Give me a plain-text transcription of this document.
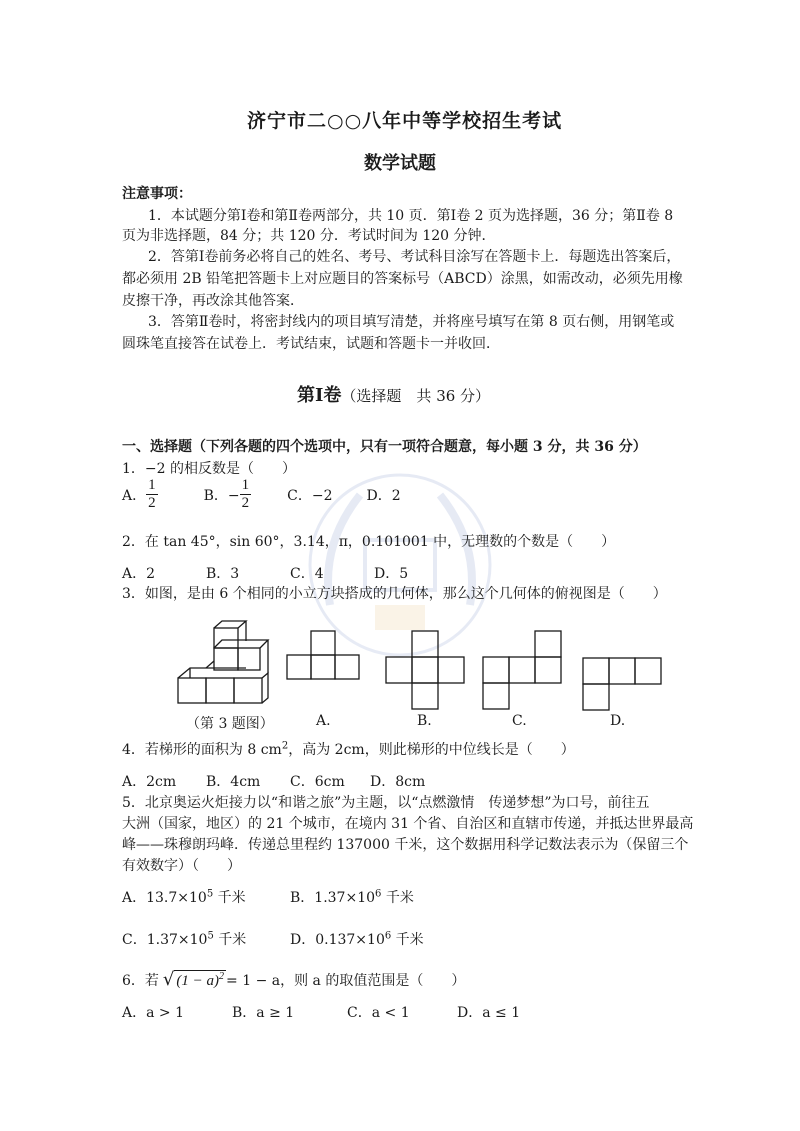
济宁市二○○八年中等学校招生考试
数学试题
注意事项：
1．本试题分第Ⅰ卷和第Ⅱ卷两部分，共 10 页．第Ⅰ卷 2 页为选择题，36 分；第Ⅱ卷 8
页为非选择题，84 分；共 120 分．考试时间为 120 分钟．
2．答第Ⅰ卷前务必将自己的姓名、考号、考试科目涂写在答题卡上．每题选出答案后，
都必须用 2B 铅笔把答题卡上对应题目的答案标号（ABCD）涂黑，如需改动，必须先用橡
皮擦干净，再改涂其他答案．
3．答第Ⅱ卷时，将密封线内的项目填写清楚，并将座号填写在第 8 页右侧，用钢笔或
圆珠笔直接答在试卷上．考试结束，试题和答题卡一并收回．
第Ⅰ卷（选择题　共 36 分）
一、选择题（下列各题的四个选项中，只有一项符合题意，每小题 3 分，共 36 分）
1．−2 的相反数是（　　）
A． $\frac{1}{2}$	B．− $\frac{1}{2}$	C．−2 D．2
2．在 tan 45°，sin 60°，3.14，π，0.101001 中，无理数的个数是（　　）
A．2	B．3	C．4	D．5
3．如图，是由 6 个相同的小立方块搭成的几何体，那么这个几何体的俯视图是（　　）
（第 3 题图）	A.	B.	C.	D.
4．若梯形的面积为 8 $cm^2$，高为 2cm，则此梯形的中位线长是（　　）
A．2cm B．4cm C．6cm D．8cm
5．北京奥运火炬接力以“和谐之旅”为主题，以“点燃激情　传递梦想”为口号，前往五
大洲（国家，地区）的 21 个城市，在境内 31 个省、自治区和直辖市传递，并抵达世界最高
峰——珠穆朗玛峰．传递总里程约 137000 千米，这个数据用科学记数法表示为（保留三个
有效数字）（　　）
A．$13.7\times 10^5$ 千米	B．$1.37\times 10^6$ 千米
C．$1.37\times 10^5$ 千米	D．$0.137\times 10^6$ 千米
6．若 √ $(1 - a)^2 = 1 - a$，则 a 的取值范围是（　　）
A．a > 1	B．a ≥ 1	C．a < 1	D．a ≤ 1
